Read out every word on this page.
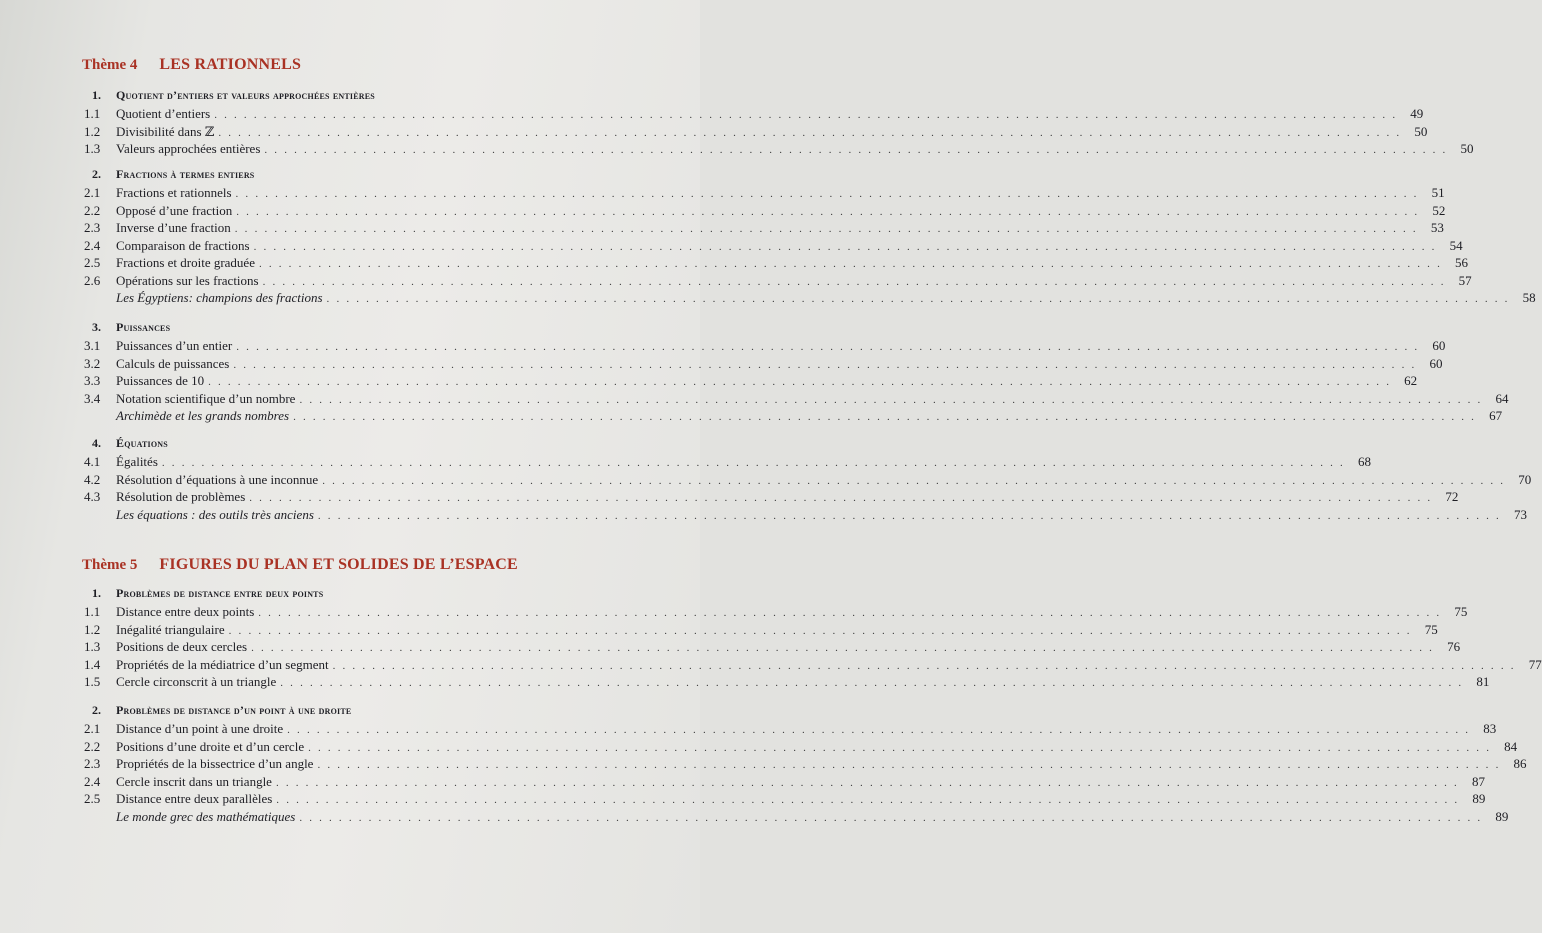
Thème 4 LES RATIONNELS
1.	Quotient d’entiers et valeurs approchées entières
1.1	Quotient d’entiers . . . . . . . . . . . . . . . . . . . . . . . . . . . . . . . . . . . . . . . . . . . . . . . . . . . . . . . . . . . . . . . . . . . . . . . . . . . . . . . . . . . . . . . . . . . . . . . . . . . . . . . . . . . . . . . . . . . . . . . .	49
1.2	Divisibilité dans ℤ . . . . . . . . . . . . . . . . . . . . . . . . . . . . . . . . . . . . . . . . . . . . . . . . . . . . . . . . . . . . . . . . . . . . . . . . . . . . . . . . . . . . . . . . . . . . . . . . . . . . . . . . . . . . . . . . . . . . . . . .	50
1.3	Valeurs approchées entières . . . . . . . . . . . . . . . . . . . . . . . . . . . . . . . . . . . . . . . . . . . . . . . . . . . . . . . . . . . . . . . . . . . . . . . . . . . . . . . . . . . . . . . . . . . . . . . . . . . . . . . . . . . . . . . . . . . . . . . .	50
2.	Fractions à termes entiers
2.1	Fractions et rationnels . . . . . . . . . . . . . . . . . . . . . . . . . . . . . . . . . . . . . . . . . . . . . . . . . . . . . . . . . . . . . . . . . . . . . . . . . . . . . . . . . . . . . . . . . . . . . . . . . . . . . . . . . . . . . . . . . . . . . . . .	51
2.2	Opposé d’une fraction . . . . . . . . . . . . . . . . . . . . . . . . . . . . . . . . . . . . . . . . . . . . . . . . . . . . . . . . . . . . . . . . . . . . . . . . . . . . . . . . . . . . . . . . . . . . . . . . . . . . . . . . . . . . . . . . . . . . . . . .	52
2.3	Inverse d’une fraction . . . . . . . . . . . . . . . . . . . . . . . . . . . . . . . . . . . . . . . . . . . . . . . . . . . . . . . . . . . . . . . . . . . . . . . . . . . . . . . . . . . . . . . . . . . . . . . . . . . . . . . . . . . . . . . . . . . . . . . .	53
2.4	Comparaison de fractions . . . . . . . . . . . . . . . . . . . . . . . . . . . . . . . . . . . . . . . . . . . . . . . . . . . . . . . . . . . . . . . . . . . . . . . . . . . . . . . . . . . . . . . . . . . . . . . . . . . . . . . . . . . . . . . . . . . . . . . .	54
2.5	Fractions et droite graduée . . . . . . . . . . . . . . . . . . . . . . . . . . . . . . . . . . . . . . . . . . . . . . . . . . . . . . . . . . . . . . . . . . . . . . . . . . . . . . . . . . . . . . . . . . . . . . . . . . . . . . . . . . . . . . . . . . . . . . . .	56
2.6	Opérations sur les fractions . . . . . . . . . . . . . . . . . . . . . . . . . . . . . . . . . . . . . . . . . . . . . . . . . . . . . . . . . . . . . . . . . . . . . . . . . . . . . . . . . . . . . . . . . . . . . . . . . . . . . . . . . . . . . . . . . . . . . . . .	57
Les Égyptiens: champions des fractions . . . . . . . . . . . . . . . . . . . . . . . . . . . . . . . . . . . . . . . . . . . . . . . . . . . . . . . . . . . . . . . . . . . . . . . . . . . . . . . . . . . . . . . . . . . . . . . . . . . . . . . . . . . . . . . . . . . . . . . .	58
3.	Puissances
3.1	Puissances d’un entier . . . . . . . . . . . . . . . . . . . . . . . . . . . . . . . . . . . . . . . . . . . . . . . . . . . . . . . . . . . . . . . . . . . . . . . . . . . . . . . . . . . . . . . . . . . . . . . . . . . . . . . . . . . . . . . . . . . . . . . .	60
3.2	Calculs de puissances . . . . . . . . . . . . . . . . . . . . . . . . . . . . . . . . . . . . . . . . . . . . . . . . . . . . . . . . . . . . . . . . . . . . . . . . . . . . . . . . . . . . . . . . . . . . . . . . . . . . . . . . . . . . . . . . . . . . . . . .	60
3.3	Puissances de 10 . . . . . . . . . . . . . . . . . . . . . . . . . . . . . . . . . . . . . . . . . . . . . . . . . . . . . . . . . . . . . . . . . . . . . . . . . . . . . . . . . . . . . . . . . . . . . . . . . . . . . . . . . . . . . . . . . . . . . . . .	62
3.4	Notation scientifique d’un nombre . . . . . . . . . . . . . . . . . . . . . . . . . . . . . . . . . . . . . . . . . . . . . . . . . . . . . . . . . . . . . . . . . . . . . . . . . . . . . . . . . . . . . . . . . . . . . . . . . . . . . . . . . . . . . . . . . . . . . . . .	64
Archimède et les grands nombres . . . . . . . . . . . . . . . . . . . . . . . . . . . . . . . . . . . . . . . . . . . . . . . . . . . . . . . . . . . . . . . . . . . . . . . . . . . . . . . . . . . . . . . . . . . . . . . . . . . . . . . . . . . . . . . . . . . . . . . .	67
4.	Équations
4.1	Égalités . . . . . . . . . . . . . . . . . . . . . . . . . . . . . . . . . . . . . . . . . . . . . . . . . . . . . . . . . . . . . . . . . . . . . . . . . . . . . . . . . . . . . . . . . . . . . . . . . . . . . . . . . . . . . . . . . . . . . . . .	68
4.2	Résolution d’équations à une inconnue . . . . . . . . . . . . . . . . . . . . . . . . . . . . . . . . . . . . . . . . . . . . . . . . . . . . . . . . . . . . . . . . . . . . . . . . . . . . . . . . . . . . . . . . . . . . . . . . . . . . . . . . . . . . . . . . . . . . . . . .	70
4.3	Résolution de problèmes . . . . . . . . . . . . . . . . . . . . . . . . . . . . . . . . . . . . . . . . . . . . . . . . . . . . . . . . . . . . . . . . . . . . . . . . . . . . . . . . . . . . . . . . . . . . . . . . . . . . . . . . . . . . . . . . . . . . . . . .	72
Les équations : des outils très anciens . . . . . . . . . . . . . . . . . . . . . . . . . . . . . . . . . . . . . . . . . . . . . . . . . . . . . . . . . . . . . . . . . . . . . . . . . . . . . . . . . . . . . . . . . . . . . . . . . . . . . . . . . . . . . . . . . . . . . . . .	73
Thème 5 FIGURES DU PLAN ET SOLIDES DE L’ESPACE
1.	Problèmes de distance entre deux points
1.1	Distance entre deux points . . . . . . . . . . . . . . . . . . . . . . . . . . . . . . . . . . . . . . . . . . . . . . . . . . . . . . . . . . . . . . . . . . . . . . . . . . . . . . . . . . . . . . . . . . . . . . . . . . . . . . . . . . . . . . . . . . . . . . . .	75
1.2	Inégalité triangulaire . . . . . . . . . . . . . . . . . . . . . . . . . . . . . . . . . . . . . . . . . . . . . . . . . . . . . . . . . . . . . . . . . . . . . . . . . . . . . . . . . . . . . . . . . . . . . . . . . . . . . . . . . . . . . . . . . . . . . . . .	75
1.3	Positions de deux cercles . . . . . . . . . . . . . . . . . . . . . . . . . . . . . . . . . . . . . . . . . . . . . . . . . . . . . . . . . . . . . . . . . . . . . . . . . . . . . . . . . . . . . . . . . . . . . . . . . . . . . . . . . . . . . . . . . . . . . . . .	76
1.4	Propriétés de la médiatrice d’un segment . . . . . . . . . . . . . . . . . . . . . . . . . . . . . . . . . . . . . . . . . . . . . . . . . . . . . . . . . . . . . . . . . . . . . . . . . . . . . . . . . . . . . . . . . . . . . . . . . . . . . . . . . . . . . . . . . . . . . . . .	77
1.5	Cercle circonscrit à un triangle . . . . . . . . . . . . . . . . . . . . . . . . . . . . . . . . . . . . . . . . . . . . . . . . . . . . . . . . . . . . . . . . . . . . . . . . . . . . . . . . . . . . . . . . . . . . . . . . . . . . . . . . . . . . . . . . . . . . . . . .	81
2.	Problèmes de distance d’un point à une droite
2.1	Distance d’un point à une droite . . . . . . . . . . . . . . . . . . . . . . . . . . . . . . . . . . . . . . . . . . . . . . . . . . . . . . . . . . . . . . . . . . . . . . . . . . . . . . . . . . . . . . . . . . . . . . . . . . . . . . . . . . . . . . . . . . . . . . . .	83
2.2	Positions d’une droite et d’un cercle . . . . . . . . . . . . . . . . . . . . . . . . . . . . . . . . . . . . . . . . . . . . . . . . . . . . . . . . . . . . . . . . . . . . . . . . . . . . . . . . . . . . . . . . . . . . . . . . . . . . . . . . . . . . . . . . . . . . . . . .	84
2.3	Propriétés de la bissectrice d’un angle . . . . . . . . . . . . . . . . . . . . . . . . . . . . . . . . . . . . . . . . . . . . . . . . . . . . . . . . . . . . . . . . . . . . . . . . . . . . . . . . . . . . . . . . . . . . . . . . . . . . . . . . . . . . . . . . . . . . . . . .	86
2.4	Cercle inscrit dans un triangle . . . . . . . . . . . . . . . . . . . . . . . . . . . . . . . . . . . . . . . . . . . . . . . . . . . . . . . . . . . . . . . . . . . . . . . . . . . . . . . . . . . . . . . . . . . . . . . . . . . . . . . . . . . . . . . . . . . . . . . .	87
2.5	Distance entre deux parallèles . . . . . . . . . . . . . . . . . . . . . . . . . . . . . . . . . . . . . . . . . . . . . . . . . . . . . . . . . . . . . . . . . . . . . . . . . . . . . . . . . . . . . . . . . . . . . . . . . . . . . . . . . . . . . . . . . . . . . . . .	89
Le monde grec des mathématiques . . . . . . . . . . . . . . . . . . . . . . . . . . . . . . . . . . . . . . . . . . . . . . . . . . . . . . . . . . . . . . . . . . . . . . . . . . . . . . . . . . . . . . . . . . . . . . . . . . . . . . . . . . . . . . . . . . . . . . . .	89
